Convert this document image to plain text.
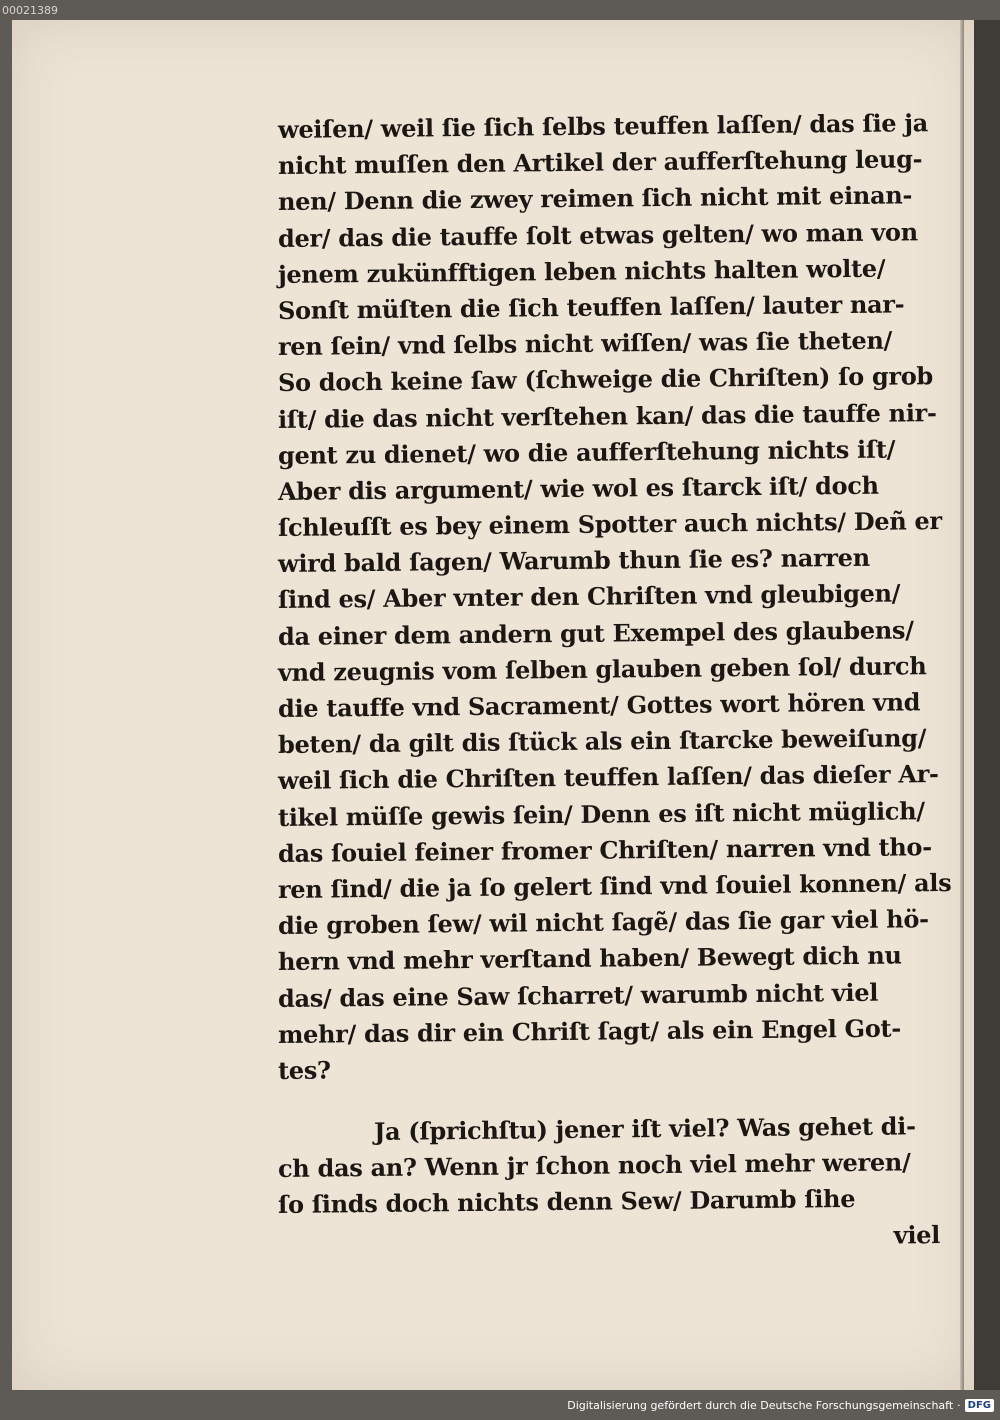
00021389
weiſen/ weil ſie ſich ſelbs teuffen laſſen/ das ſie ja
nicht muſſen den Artikel der aufferſtehung leug-
nen/ Denn die zwey reimen ſich nicht mit einan-
der/ das die tauffe ſolt etwas gelten/ wo man von
jenem zukünfftigen leben nichts halten wolte/
Sonſt müſten die ſich teuffen laſſen/ lauter nar-
ren ſein/ vnd ſelbs nicht wiſſen/ was ſie theten/
So doch keine ſaw (ſchweige die Chriſten) ſo grob
iſt/ die das nicht verſtehen kan/ das die tauffe nir-
gent zu dienet/ wo die aufferſtehung nichts iſt/
Aber dis argument/ wie wol es ſtarck iſt/ doch
ſchleuſſt es bey einem Spotter auch nichts/ Deñ er
wird bald ſagen/ Warumb thun ſie es? narren
ſind es/ Aber vnter den Chriſten vnd gleubigen/
da einer dem andern gut Exempel des glaubens/
vnd zeugnis vom ſelben glauben geben ſol/ durch
die tauffe vnd Sacrament/ Gottes wort hören vnd
beten/ da gilt dis ſtück als ein ſtarcke beweiſung/
weil ſich die Chriſten teuffen laſſen/ das dieſer Ar-
tikel müſſe gewis ſein/ Denn es iſt nicht müglich/
das ſouiel feiner fromer Chriſten/ narren vnd tho-
ren ſind/ die ja ſo gelert ſind vnd ſouiel konnen/ als
die groben ſew/ wil nicht ſagẽ/ das ſie gar viel hö-
hern vnd mehr verſtand haben/ Bewegt dich nu
das/ das eine Saw ſcharret/ warumb nicht viel
mehr/ das dir ein Chriſt ſagt/ als ein Engel Got-
tes?
Ja (ſprichſtu) jener iſt viel? Was gehet di-
ch das an? Wenn jr ſchon noch viel mehr weren/
ſo ſinds doch nichts denn Sew/ Darumb ſihe
viel
Digitalisierung gefördert durch die Deutsche Forschungsgemeinschaft · DFG
